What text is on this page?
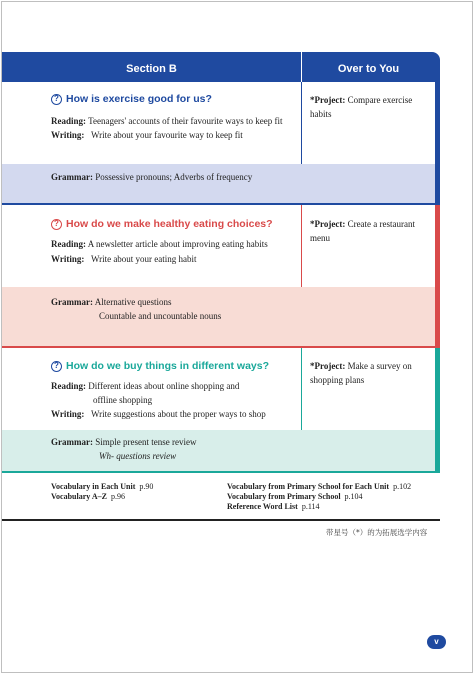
Section B	Over to You
? How is exercise good for us?
Reading: Teenagers' accounts of their favourite ways to keep fit
Writing: Write about your favourite way to keep fit
*Project: Compare exercise habits
Grammar: Possessive pronouns; Adverbs of frequency
? How do we make healthy eating choices?
Reading: A newsletter article about improving eating habits
Writing: Write about your eating habit
*Project: Create a restaurant menu
Grammar: Alternative questions
Countable and uncountable nouns
? How do we buy things in different ways?
Reading: Different ideas about online shopping and
offline shopping
Writing: Write suggestions about the proper ways to shop
*Project: Make a survey on shopping plans
Grammar: Simple present tense review
Wh- questions review
Vocabulary in Each Unit p.90
Vocabulary A–Z p.96
Vocabulary from Primary School for Each Unit p.102
Vocabulary from Primary School p.104
Reference Word List p.114
带星号（*）的为拓展选学内容
v
